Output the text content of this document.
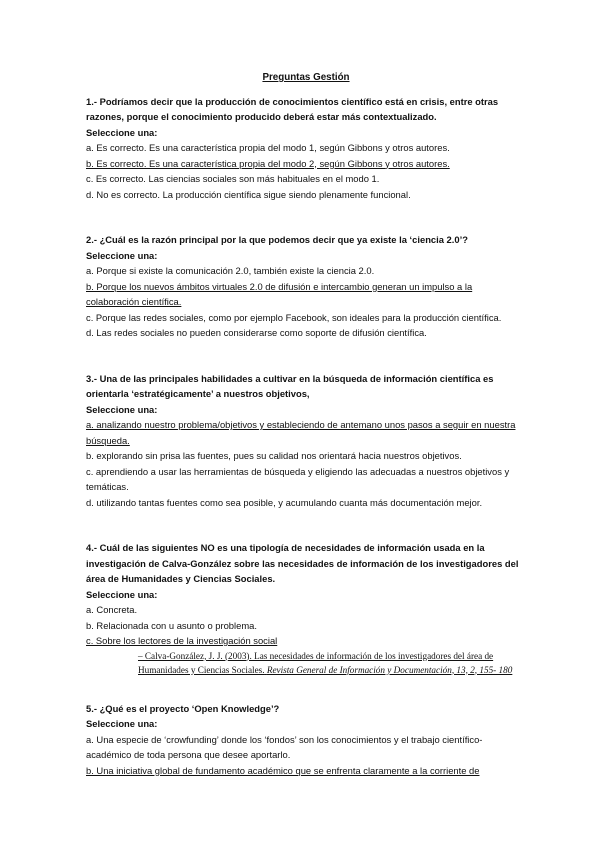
Preguntas Gestión
1.- Podríamos decir que la producción de conocimientos científico está en crisis, entre otras razones, porque el conocimiento producido deberá estar más contextualizado.
Seleccione una:
a. Es correcto. Es una característica propia del modo 1, según Gibbons y otros autores.
b. Es correcto. Es una característica propia del modo 2, según Gibbons y otros autores.
c. Es correcto. Las ciencias sociales son más habituales en el modo 1.
d. No es correcto. La producción científica sigue siendo plenamente funcional.
2.- ¿Cuál es la razón principal por la que podemos decir que ya existe la ‘ciencia 2.0’?
Seleccione una:
a. Porque si existe la comunicación 2.0, también existe la ciencia 2.0.
b. Porque los nuevos ámbitos virtuales 2.0 de difusión e intercambio generan un impulso a la colaboración científica.
c. Porque las redes sociales, como por ejemplo Facebook, son ideales para la producción científica.
d. Las redes sociales no pueden considerarse como soporte de difusión científica.
3.- Una de las principales habilidades a cultivar en la búsqueda de información científica es orientarla ‘estratégicamente’ a nuestros objetivos,
Seleccione una:
a. analizando nuestro problema/objetivos y estableciendo de antemano unos pasos a seguir en nuestra búsqueda.
b. explorando sin prisa las fuentes, pues su calidad nos orientará hacia nuestros objetivos.
c. aprendiendo a usar las herramientas de búsqueda y eligiendo las adecuadas a nuestros objetivos y temáticas.
d. utilizando tantas fuentes como sea posible, y acumulando cuanta más documentación mejor.
4.- Cuál de las siguientes NO es una tipología de necesidades de información usada en la investigación de Calva-González sobre las necesidades de información de los investigadores del área de Humanidades y Ciencias Sociales.
Seleccione una:
a. Concreta.
b. Relacionada con u asunto o problema.
c. Sobre los lectores de la investigación social
– Calva-González, J. J. (2003). Las necesidades de información de los investigadores del área de Humanidades y Ciencias Sociales. Revista General de Información y Documentación, 13, 2, 155- 180
5.- ¿Qué es el proyecto ‘Open Knowledge’?
Seleccione una:
a. Una especie de ‘crowfunding’ donde los ‘fondos’ son los conocimientos y el trabajo científico-académico de toda persona que desee aportarlo.
b. Una iniciativa global de fundamento académico que se enfrenta claramente a la corriente de
